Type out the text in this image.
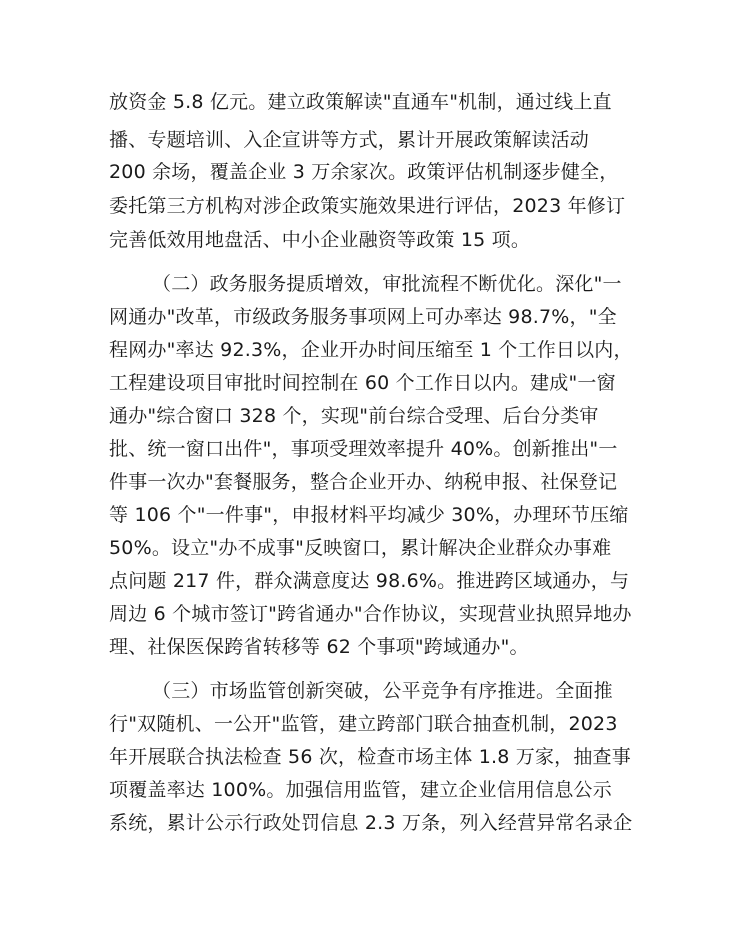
放资金 5.8 亿元。建立政策解读"直通车"机制，通过线上直
播、专题培训、入企宣讲等方式，累计开展政策解读活动
200 余场，覆盖企业 3 万余家次。政策评估机制逐步健全，
委托第三方机构对涉企政策实施效果进行评估，2023 年修订
完善低效用地盘活、中小企业融资等政策 15 项。
（二）政务服务提质增效，审批流程不断优化。深化"一
网通办"改革，市级政务服务事项网上可办率达 98.7%，"全
程网办"率达 92.3%，企业开办时间压缩至 1 个工作日以内，
工程建设项目审批时间控制在 60 个工作日以内。建成"一窗
通办"综合窗口 328 个，实现"前台综合受理、后台分类审
批、统一窗口出件"，事项受理效率提升 40%。创新推出"一
件事一次办"套餐服务，整合企业开办、纳税申报、社保登记
等 106 个"一件事"，申报材料平均减少 30%，办理环节压缩
50%。设立"办不成事"反映窗口，累计解决企业群众办事难
点问题 217 件，群众满意度达 98.6%。推进跨区域通办，与
周边 6 个城市签订"跨省通办"合作协议，实现营业执照异地办
理、社保医保跨省转移等 62 个事项"跨域通办"。
（三）市场监管创新突破，公平竞争有序推进。全面推
行"双随机、一公开"监管，建立跨部门联合抽查机制，2023
年开展联合执法检查 56 次，检查市场主体 1.8 万家，抽查事
项覆盖率达 100%。加强信用监管，建立企业信用信息公示
系统，累计公示行政处罚信息 2.3 万条，列入经营异常名录企
